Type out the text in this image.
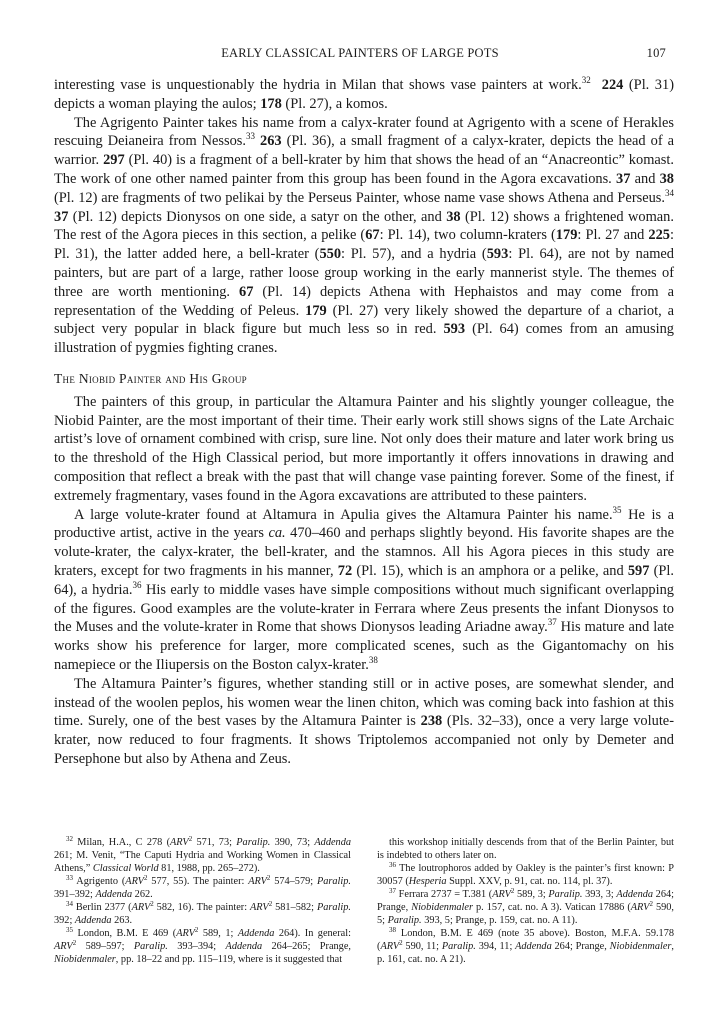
EARLY CLASSICAL PAINTERS OF LARGE POTS	107

interesting vase is unquestionably the hydria in Milan that shows vase painters at work.$^{32}$ 224 (Pl. 31) depicts a woman playing the aulos; 178 (Pl. 27), a komos.

The Agrigento Painter takes his name from a calyx-krater found at Agrigento with a scene of Herakles rescuing Deianeira from Nessos.$^{33}$ 263 (Pl. 36), a small fragment of a calyx-krater, depicts the head of a warrior. 297 (Pl. 40) is a fragment of a bell-krater by him that shows the head of an “Anacreontic” komast. The work of one other named painter from this group has been found in the Agora excavations. 37 and 38 (Pl. 12) are fragments of two pelikai by the Perseus Painter, whose name vase shows Athena and Perseus.$^{34}$ 37 (Pl. 12) depicts Dionysos on one side, a satyr on the other, and 38 (Pl. 12) shows a frightened woman. The rest of the Agora pieces in this section, a pelike (67: Pl. 14), two column-kraters (179: Pl. 27 and 225: Pl. 31), the latter added here, a bell-krater (550: Pl. 57), and a hydria (593: Pl. 64), are not by named painters, but are part of a large, rather loose group working in the early mannerist style. The themes of three are worth mentioning. 67 (Pl. 14) depicts Athena with Hephaistos and may come from a representation of the Wedding of Peleus. 179 (Pl. 27) very likely showed the departure of a chariot, a subject very popular in black figure but much less so in red. 593 (Pl. 64) comes from an amusing illustration of pygmies fighting cranes.

The Niobid Painter and His Group

The painters of this group, in particular the Altamura Painter and his slightly younger colleague, the Niobid Painter, are the most important of their time. Their early work still shows signs of the Late Archaic artist’s love of ornament combined with crisp, sure line. Not only does their mature and later work bring us to the threshold of the High Classical period, but more importantly it offers innovations in drawing and composition that reflect a break with the past that will change vase painting forever. Some of the finest, if extremely fragmentary, vases found in the Agora excavations are attributed to these painters.

A large volute-krater found at Altamura in Apulia gives the Altamura Painter his name.$^{35}$ He is a productive artist, active in the years ca. 470–460 and perhaps slightly beyond. His favorite shapes are the volute-krater, the calyx-krater, the bell-krater, and the stamnos. All his Agora pieces in this study are kraters, except for two fragments in his manner, 72 (Pl. 15), which is an amphora or a pelike, and 597 (Pl. 64), a hydria.$^{36}$ His early to middle vases have simple compositions without much significant overlapping of the figures. Good examples are the volute-krater in Ferrara where Zeus presents the infant Dionysos to the Muses and the volute-krater in Rome that shows Dionysos leading Ariadne away.$^{37}$ His mature and late works show his preference for larger, more complicated scenes, such as the Gigantomachy on his namepiece or the Iliupersis on the Boston calyx-krater.$^{38}$

The Altamura Painter’s figures, whether standing still or in active poses, are somewhat slender, and instead of the woolen peplos, his women wear the linen chiton, which was coming back into fashion at this time. Surely, one of the best vases by the Altamura Painter is 238 (Pls. 32–33), once a very large volute-krater, now reduced to four fragments. It shows Triptolemos accompanied not only by Demeter and Persephone but also by Athena and Zeus.

$^{32}$ Milan, H.A., C 278 (ARV$^2$ 571, 73; Paralip. 390, 73; Addenda 261; M. Venit, “The Caputi Hydria and Working Women in Classical Athens,” Classical World 81, 1988, pp. 265–272).

$^{33}$ Agrigento (ARV$^2$ 577, 55). The painter: ARV$^2$ 574–579; Paralip. 391–392; Addenda 262.

$^{34}$ Berlin 2377 (ARV$^2$ 582, 16). The painter: ARV$^2$ 581–582; Paralip. 392; Addenda 263.

$^{35}$ London, B.M. E 469 (ARV$^2$ 589, 1; Addenda 264). In general: ARV$^2$ 589–597; Paralip. 393–394; Addenda 264–265; Prange, Niobidenmaler, pp. 18–22 and pp. 115–119, where is it suggested that

this workshop initially descends from that of the Berlin Painter, but is indebted to others later on.

$^{36}$ The loutrophoros added by Oakley is the painter’s first known: P 30057 (Hesperia Suppl. XXV, p. 91, cat. no. 114, pl. 37).

$^{37}$ Ferrara 2737 = T.381 (ARV$^2$ 589, 3; Paralip. 393, 3; Addenda 264; Prange, Niobidenmaler p. 157, cat. no. A 3). Vatican 17886 (ARV$^2$ 590, 5; Paralip. 393, 5; Prange, p. 159, cat. no. A 11).

$^{38}$ London, B.M. E 469 (note 35 above). Boston, M.F.A. 59.178 (ARV$^2$ 590, 11; Paralip. 394, 11; Addenda 264; Prange, Niobidenmaler, p. 161, cat. no. A 21).
